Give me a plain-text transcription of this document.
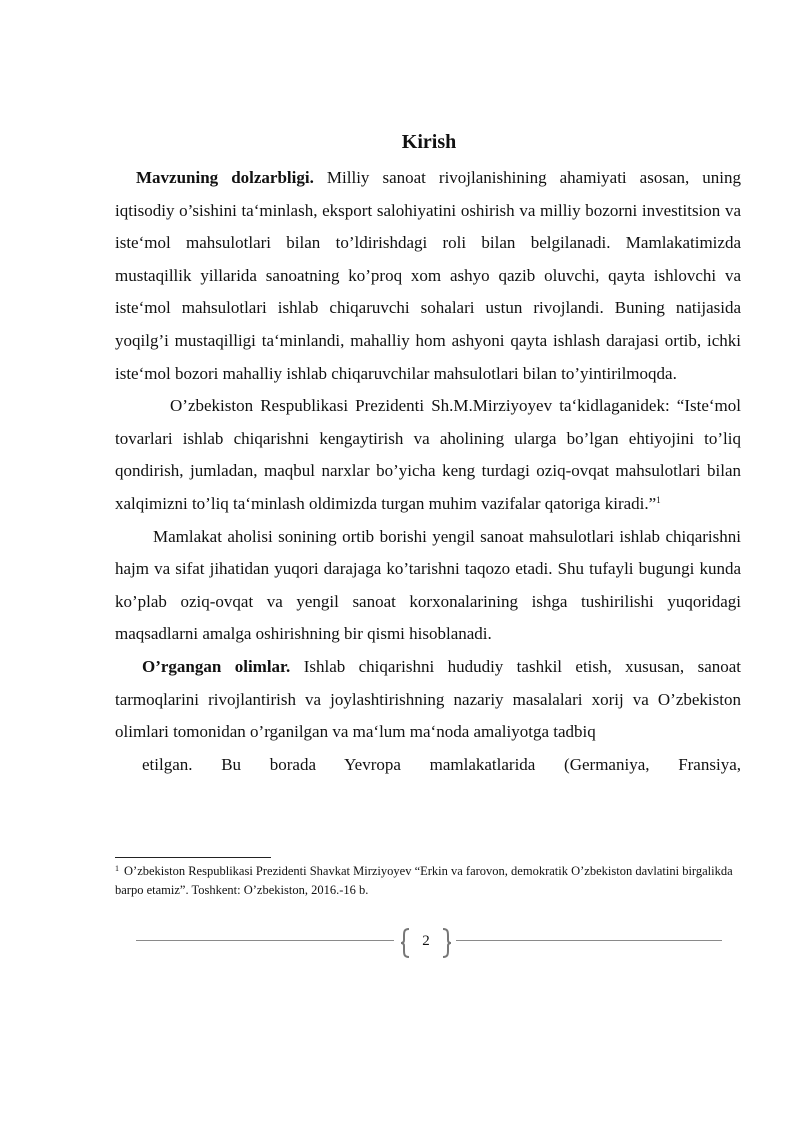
Kirish

Mavzuning dolzarbligi. Milliy sanoat rivojlanishining ahamiyati asosan, uning iqtisodiy o’sishini ta‘minlash, eksport salohiyatini oshirish va milliy bozorni investitsion va iste‘mol mahsulotlari bilan to’ldirishdagi roli bilan belgilanadi. Mamlakatimizda mustaqillik yillarida sanoatning ko’proq xom ashyo qazib oluvchi, qayta ishlovchi va iste‘mol mahsulotlari ishlab chiqaruvchi sohalari ustun rivojlandi. Buning natijasida yoqilg’i mustaqilligi ta‘minlandi, mahalliy hom ashyoni qayta ishlash darajasi ortib, ichki iste‘mol bozori mahalliy ishlab chiqaruvchilar mahsulotlari bilan to’yintirilmoqda.

O’zbekiston Respublikasi Prezidenti Sh.M.Mirziyoyev ta‘kidlaganidek: “Iste‘mol tovarlari ishlab chiqarishni kengaytirish va aholining ularga bo’lgan ehtiyojini to’liq qondirish, jumladan, maqbul narxlar bo’yicha keng turdagi oziq-ovqat mahsulotlari bilan xalqimizni to’liq ta‘minlash oldimizda turgan muhim vazifalar qatoriga kiradi.”$^1$

Mamlakat aholisi sonining ortib borishi yengil sanoat mahsulotlari ishlab chiqarishni hajm va sifat jihatidan yuqori darajaga ko’tarishni taqozo etadi. Shu tufayli bugungi kunda ko’plab oziq-ovqat va yengil sanoat korxonalarining ishga tushirilishi yuqoridagi maqsadlarni amalga oshirishning bir qismi hisoblanadi.

O’rgangan olimlar. Ishlab chiqarishni hududiy tashkil etish, xususan, sanoat tarmoqlarini rivojlantirish va joylashtirishning nazariy masalalari xorij va O’zbekiston olimlari tomonidan o’rganilgan va ma‘lum ma‘noda amaliyotga tadbiq
etilgan. Bu borada Yevropa mamlakatlarida (Germaniya, Fransiya,

$^1$ O’zbekiston Respublikasi Prezidenti Shavkat Mirziyoyev “Erkin va farovon, demokratik O’zbekiston davlatini birgalikda barpo etamiz”. Toshkent: O’zbekiston, 2016.-16 b.
2
